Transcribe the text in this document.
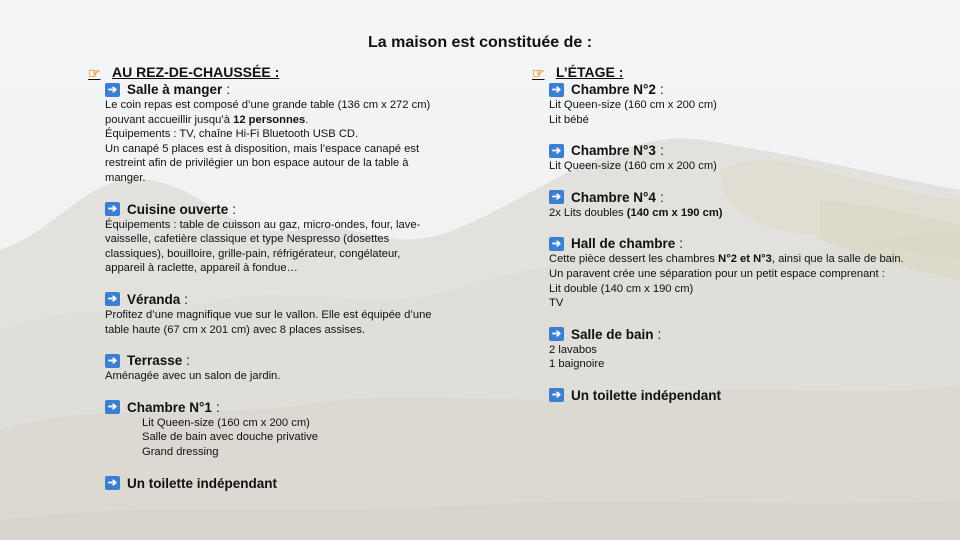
La maison est constituée de :
☞ AU REZ-DE-CHAUSSÉE :
➔ Salle à manger :
Le coin repas est composé d’une grande table (136 cm x 272 cm)
pouvant accueillir jusqu’à 12 personnes.
Équipements : TV, chaîne Hi-Fi Bluetooth USB CD.
Un canapé 5 places est à disposition, mais l’espace canapé est
restreint afin de privilégier un bon espace autour de la table à
manger.
➔ Cuisine ouverte :
Équipements : table de cuisson au gaz, micro-ondes, four, lave-
vaisselle, cafetière classique et type Nespresso (dosettes
classiques), bouilloire, grille-pain, réfrigérateur, congélateur,
appareil à raclette, appareil à fondue…
➔ Véranda :
Profitez d’une magnifique vue sur le vallon. Elle est équipée d’une
table haute (67 cm x 201 cm) avec 8 places assises.
➔ Terrasse :
Aménagée avec un salon de jardin.
➔ Chambre N°1 :
Lit Queen-size (160 cm x 200 cm)
Salle de bain avec douche privative
Grand dressing
➔ Un toilette indépendant
☞ L’ÉTAGE :
➔ Chambre N°2 :
Lit Queen-size (160 cm x 200 cm)
Lit bébé
➔ Chambre N°3 :
Lit Queen-size (160 cm x 200 cm)
➔ Chambre N°4 :
2x Lits doubles (140 cm x 190 cm)
➔ Hall de chambre :
Cette pièce dessert les chambres N°2 et N°3, ainsi que la salle de bain.
Un paravent crée une séparation pour un petit espace comprenant :
Lit double (140 cm x 190 cm)
TV
➔ Salle de bain :
2 lavabos
1 baignoire
➔ Un toilette indépendant
